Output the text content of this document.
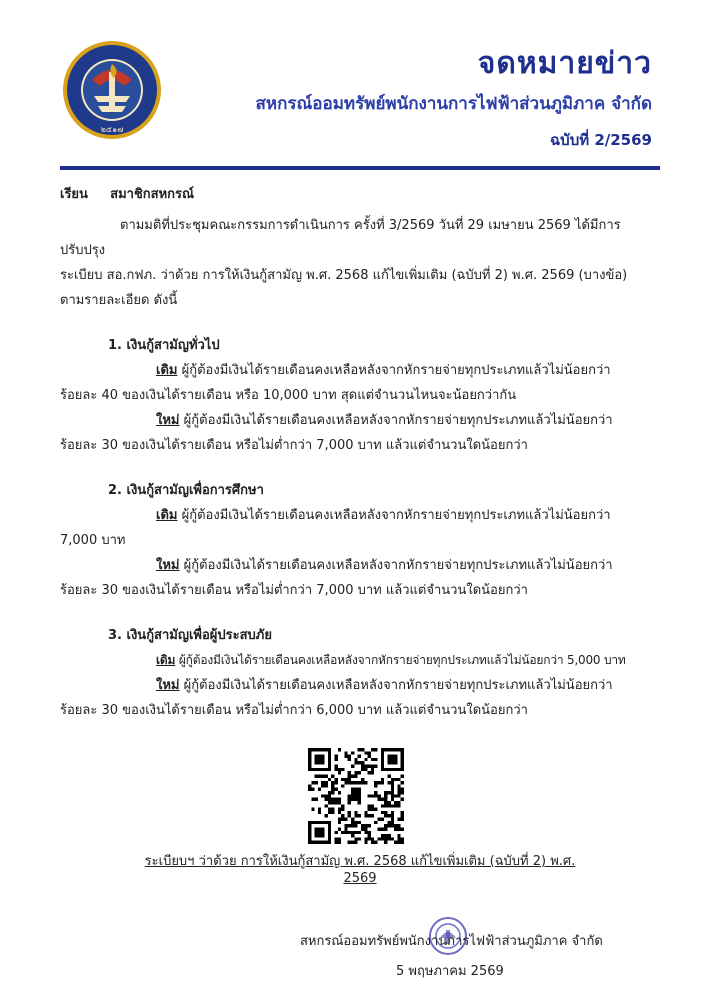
๒๕๑๗
จดหมายข่าว
สหกรณ์ออมทรัพย์พนักงานการไฟฟ้าส่วนภูมิภาค จำกัด
ฉบับที่ 2/2569

เรียน สมาชิกสหกรณ์

ตามมติที่ประชุมคณะกรรมการดำเนินการ ครั้งที่ 3/2569 วันที่ 29 เมษายน 2569 ได้มีการปรับปรุง
ระเบียบ สอ.กฟภ. ว่าด้วย การให้เงินกู้สามัญ พ.ศ. 2568 แก้ไขเพิ่มเติม (ฉบับที่ 2) พ.ศ. 2569 (บางข้อ)
ตามรายละเอียด ดังนี้

1. เงินกู้สามัญทั่วไป

เดิม ผู้กู้ต้องมีเงินได้รายเดือนคงเหลือหลังจากหักรายจ่ายทุกประเภทแล้วไม่น้อยกว่า

ร้อยละ 40 ของเงินได้รายเดือน หรือ 10,000 บาท สุดแต่จำนวนไหนจะน้อยกว่ากัน

ใหม่ ผู้กู้ต้องมีเงินได้รายเดือนคงเหลือหลังจากหักรายจ่ายทุกประเภทแล้วไม่น้อยกว่า

ร้อยละ 30 ของเงินได้รายเดือน หรือไม่ต่ำกว่า 7,000 บาท แล้วแต่จำนวนใดน้อยกว่า

2. เงินกู้สามัญเพื่อการศึกษา

เดิม ผู้กู้ต้องมีเงินได้รายเดือนคงเหลือหลังจากหักรายจ่ายทุกประเภทแล้วไม่น้อยกว่า

7,000 บาท

ใหม่ ผู้กู้ต้องมีเงินได้รายเดือนคงเหลือหลังจากหักรายจ่ายทุกประเภทแล้วไม่น้อยกว่า

ร้อยละ 30 ของเงินได้รายเดือน หรือไม่ต่ำกว่า 7,000 บาท แล้วแต่จำนวนใดน้อยกว่า

3. เงินกู้สามัญเพื่อผู้ประสบภัย

เดิม ผู้กู้ต้องมีเงินได้รายเดือนคงเหลือหลังจากหักรายจ่ายทุกประเภทแล้วไม่น้อยกว่า 5,000 บาท

ใหม่ ผู้กู้ต้องมีเงินได้รายเดือนคงเหลือหลังจากหักรายจ่ายทุกประเภทแล้วไม่น้อยกว่า

ร้อยละ 30 ของเงินได้รายเดือน หรือไม่ต่ำกว่า 6,000 บาท แล้วแต่จำนวนใดน้อยกว่า

ระเบียบฯ ว่าด้วย การให้เงินกู้สามัญ พ.ศ. 2568 แก้ไขเพิ่มเติม (ฉบับที่ 2) พ.ศ. 2569
สหกรณ์ออมทรัพย์พนักงานการไฟฟ้าส่วนภูมิภาค จำกัด
5 พฤษภาคม 2569
